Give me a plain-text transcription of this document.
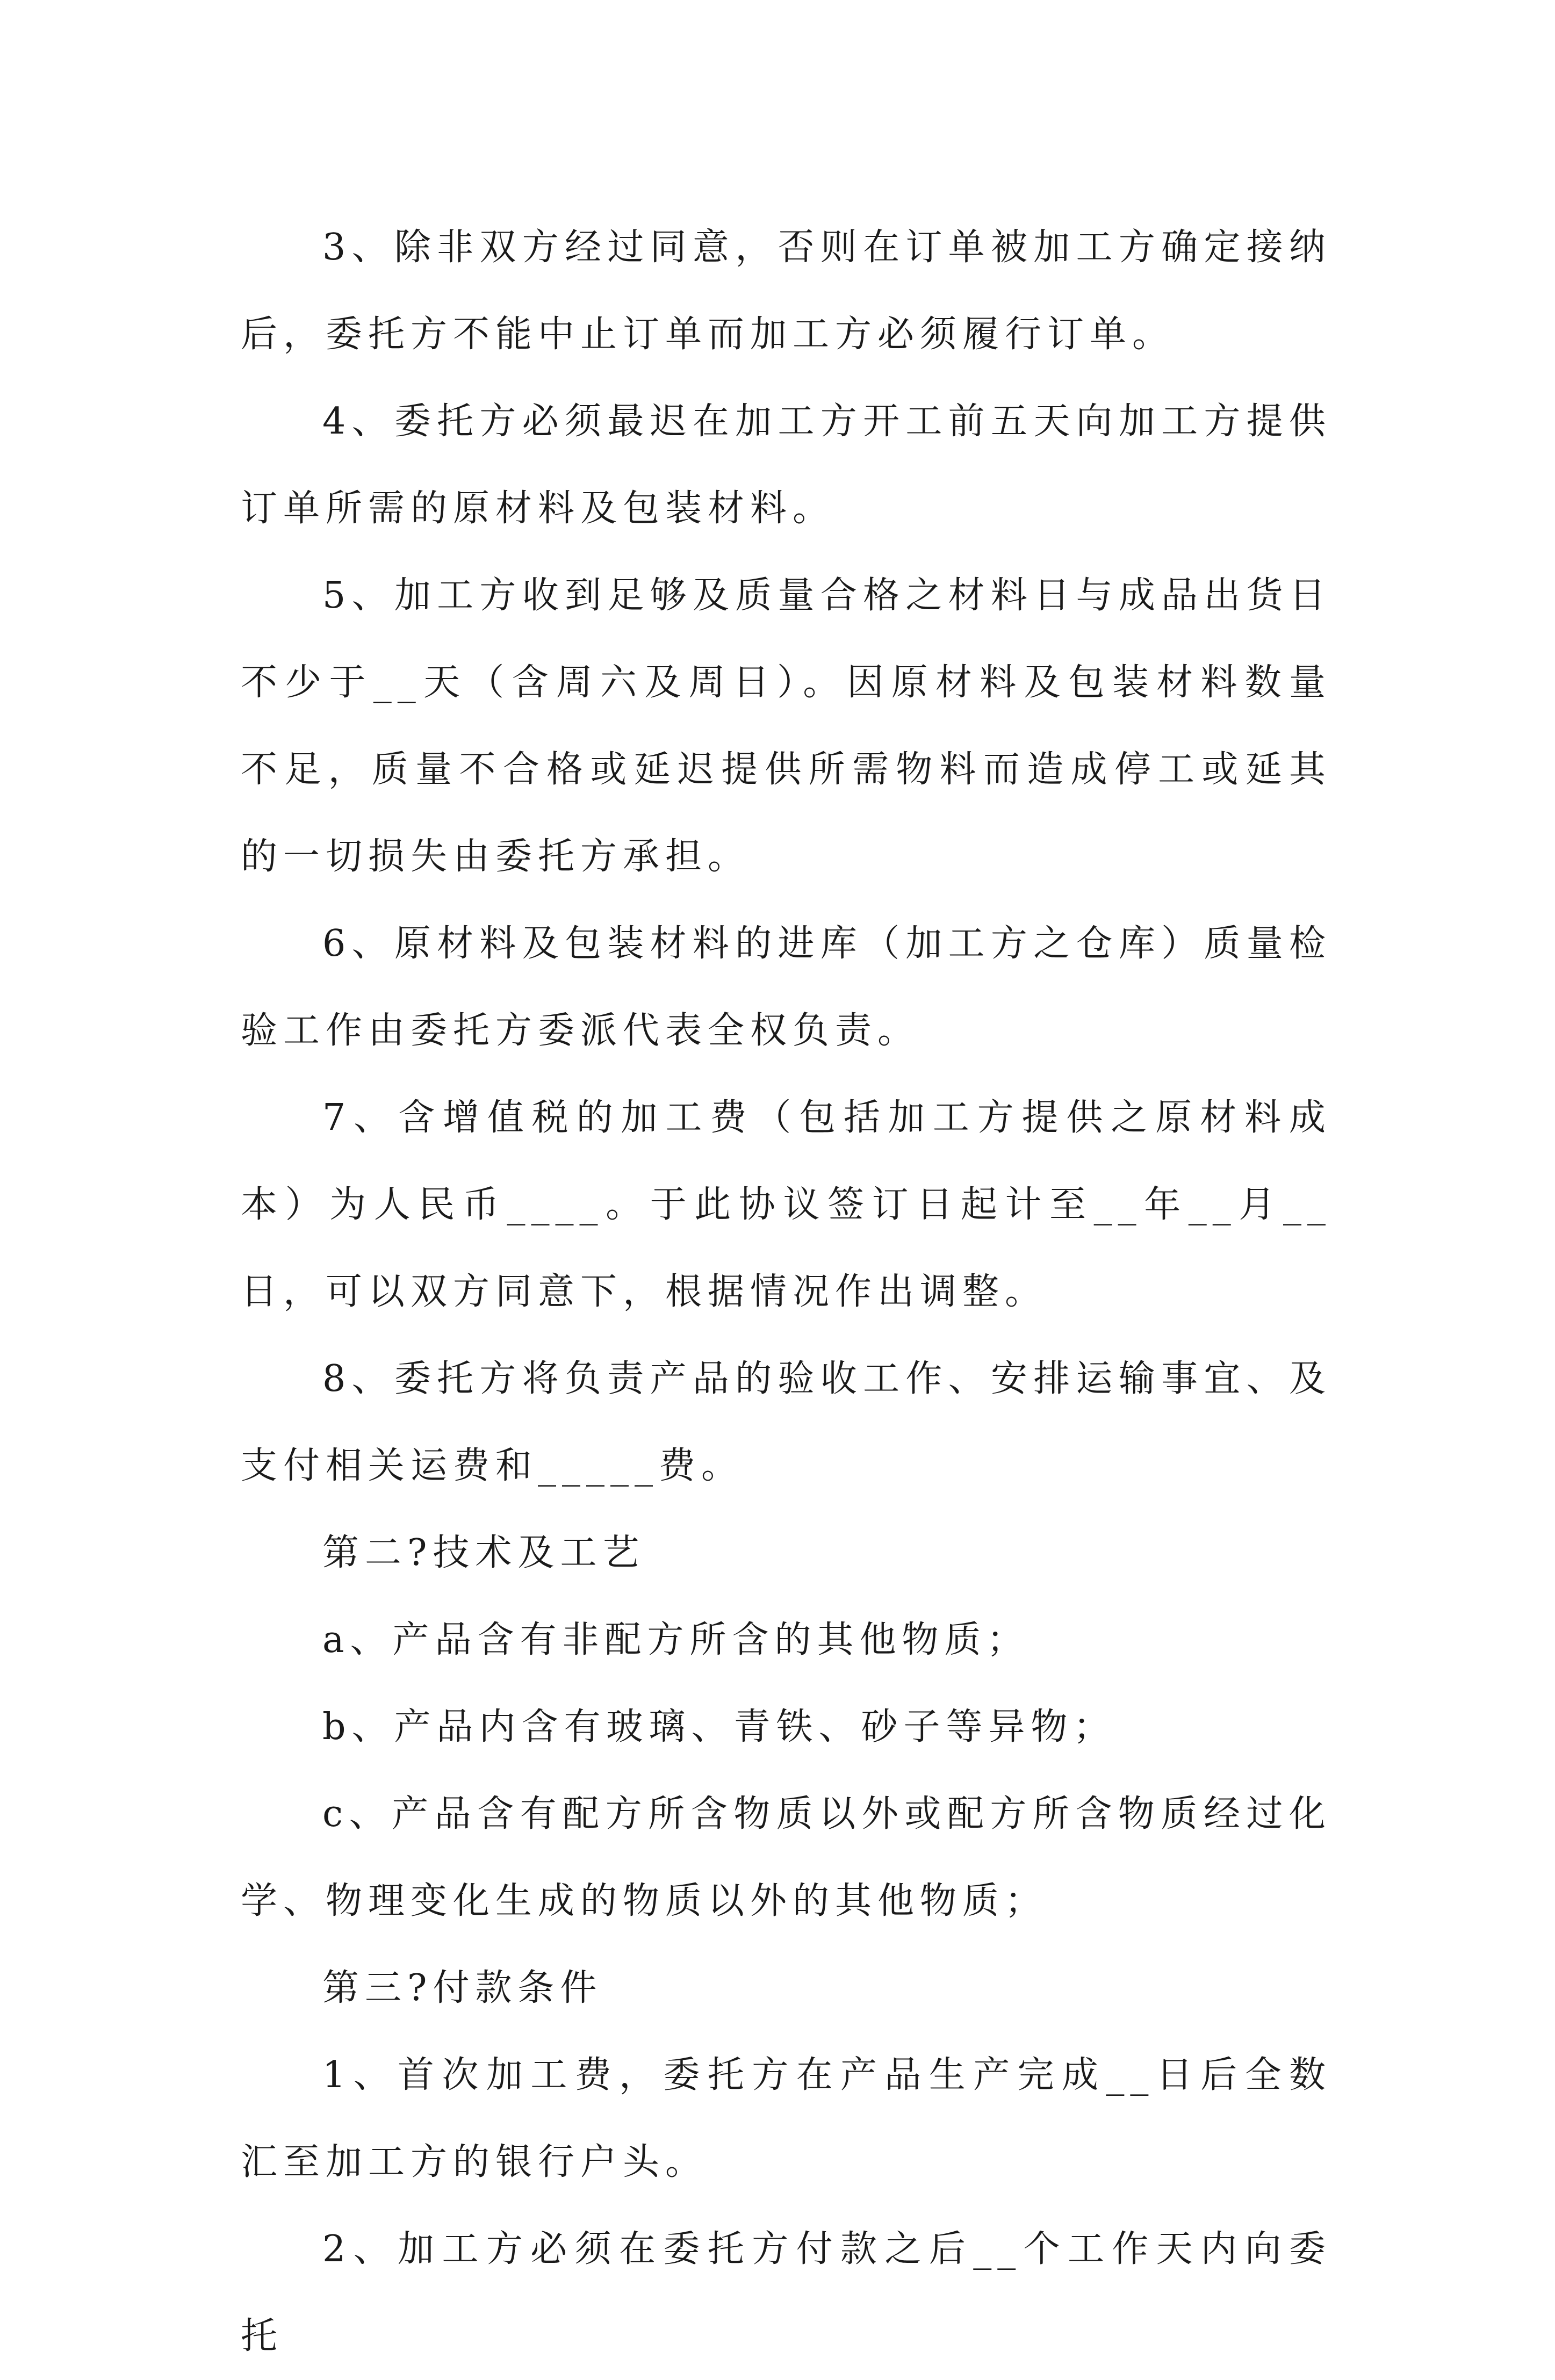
3、除非双方经过同意，否则在订单被加工方确定接纳后，委托方不能中止订单而加工方必须履行订单。

4、委托方必须最迟在加工方开工前五天向加工方提供订单所需的原材料及包装材料。

5、加工方收到足够及质量合格之材料日与成品出货日不少于__天（含周六及周日）。因原材料及包装材料数量不足，质量不合格或延迟提供所需物料而造成停工或延其的一切损失由委托方承担。

6、原材料及包装材料的进库（加工方之仓库）质量检验工作由委托方委派代表全权负责。

7、含增值税的加工费（包括加工方提供之原材料成本）为人民币____。于此协议签订日起计至__年__月__日，可以双方同意下，根据情况作出调整。

8、委托方将负责产品的验收工作、安排运输事宜、及支付相关运费和_____费。

第二?技术及工艺

a、产品含有非配方所含的其他物质；

b、产品内含有玻璃、青铁、砂子等异物；

c、产品含有配方所含物质以外或配方所含物质经过化学、物理变化生成的物质以外的其他物质；

第三?付款条件

1、首次加工费，委托方在产品生产完成__日后全数汇至加工方的银行户头。

2、加工方必须在委托方付款之后__个工作天内向委托
